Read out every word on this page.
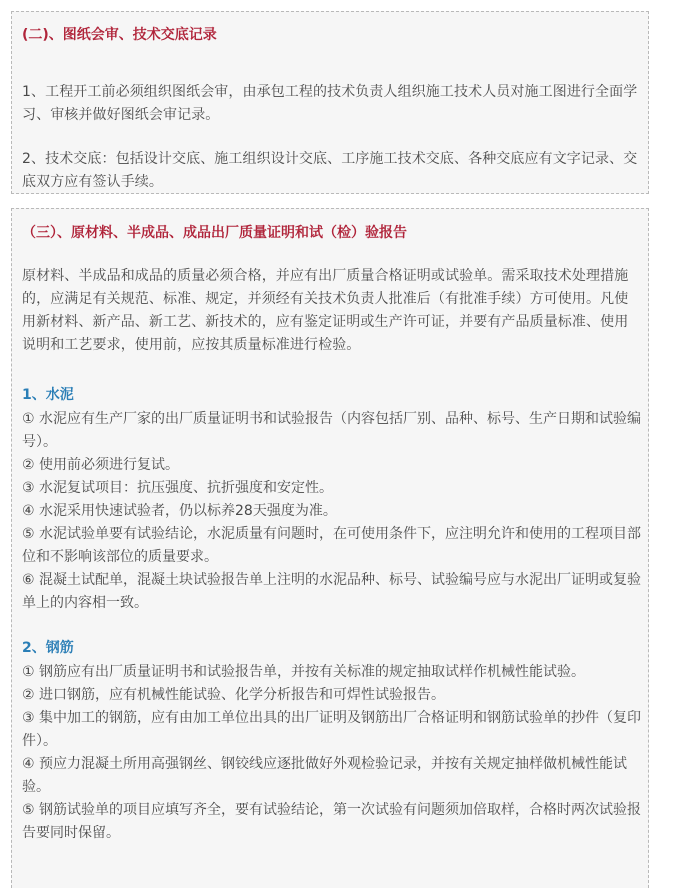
(二)、图纸会审、技术交底记录

1、工程开工前必须组织图纸会审，由承包工程的技术负责人组织施工技术人员对施工图进行全面学习、审核并做好图纸会审记录。

2、技术交底：包括设计交底、施工组织设计交底、工序施工技术交底、各种交底应有文字记录、交底双方应有签认手续。

（三）、原材料、半成品、成品出厂质量证明和试（检）验报告

原材料、半成品和成品的质量必须合格，并应有出厂质量合格证明或试验单。需采取技术处理措施的，应满足有关规范、标准、规定，并须经有关技术负责人批准后（有批准手续）方可使用。凡使用新材料、新产品、新工艺、新技术的，应有鉴定证明或生产许可证，并要有产品质量标准、使用说明和工艺要求，使用前，应按其质量标准进行检验。

1、水泥

① 水泥应有生产厂家的出厂质量证明书和试验报告（内容包括厂别、品种、标号、生产日期和试验编号）。

② 使用前必须进行复试。

③ 水泥复试项目：抗压强度、抗折强度和安定性。

④ 水泥采用快速试验者，仍以标养28天强度为准。

⑤ 水泥试验单要有试验结论，水泥质量有问题时，在可使用条件下，应注明允许和使用的工程项目部位和不影响该部位的质量要求。

⑥ 混凝土试配单，混凝土块试验报告单上注明的水泥品种、标号、试验编号应与水泥出厂证明或复验单上的内容相一致。

2、钢筋

① 钢筋应有出厂质量证明书和试验报告单，并按有关标准的规定抽取试样作机械性能试验。

② 进口钢筋，应有机械性能试验、化学分析报告和可焊性试验报告。

③ 集中加工的钢筋，应有由加工单位出具的出厂证明及钢筋出厂合格证明和钢筋试验单的抄件（复印件）。

④ 预应力混凝土所用高强钢丝、钢铰线应逐批做好外观检验记录，并按有关规定抽样做机械性能试验。

⑤ 钢筋试验单的项目应填写齐全，要有试验结论，第一次试验有问题须加倍取样，合格时两次试验报告要同时保留。
